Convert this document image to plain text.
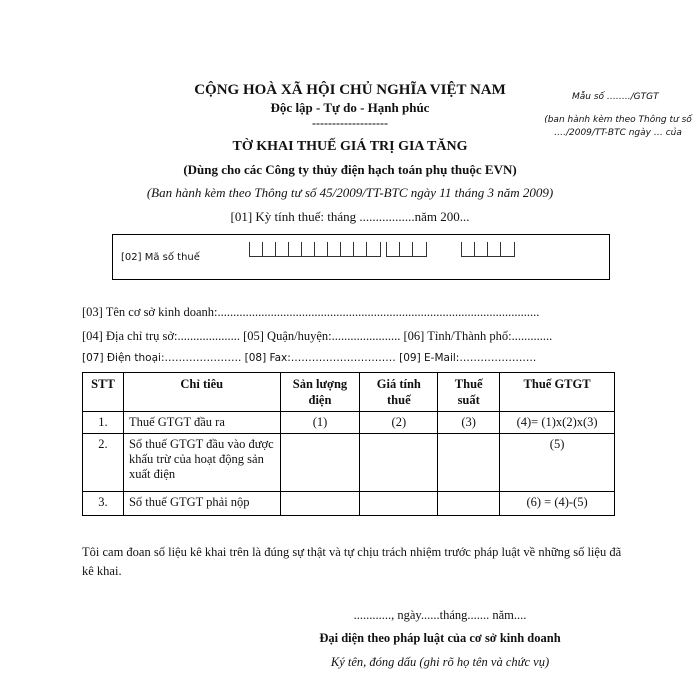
CỘNG HOÀ XÃ HỘI CHỦ NGHĨA VIỆT NAM
Độc lập - Tự do - Hạnh phúc
-------------------
Mẫu số ……../GTGT
(ban hành kèm theo Thông tư số …./2009/TT-BTC ngày … của
TỜ KHAI THUẾ GIÁ TRỊ GIA TĂNG
(Dùng cho các Công ty thủy điện hạch toán phụ thuộc EVN)
(Ban hành kèm theo Thông tư số 45/2009/TT-BTC ngày 11 tháng 3 năm 2009)
[01] Kỳ tính thuế: tháng .................năm 200...
[02] Mã số thuế
[03] Tên cơ sở kinh doanh:.......................................................................................................
[04] Địa chỉ trụ sở:.................... [05] Quận/huyện:...................... [06] Tỉnh/Thành phố:.............
[07] Điện thoại:…………………. [08] Fax:………………………… [09] E-Mail:………………….
STT	Chỉ tiêu	Sản lượng điện	Giá tính thuế	Thuế suất	Thuế GTGT
1.	Thuế GTGT đầu ra	(1)	(2)	(3)	(4)= (1)x(2)x(3)
2.	Số thuế GTGT đầu vào được khấu trừ của hoạt động sản xuất điện				(5)
3.	Số thuế GTGT phải nộp				(6) = (4)-(5)
Tôi cam đoan số liệu kê khai trên là đúng sự thật và tự chịu trách nhiệm trước pháp luật về những số liệu đã kê khai.
............, ngày......tháng....... năm....
Đại diện theo pháp luật của cơ sở kinh doanh
Ký tên, đóng dấu (ghi rõ họ tên và chức vụ)
